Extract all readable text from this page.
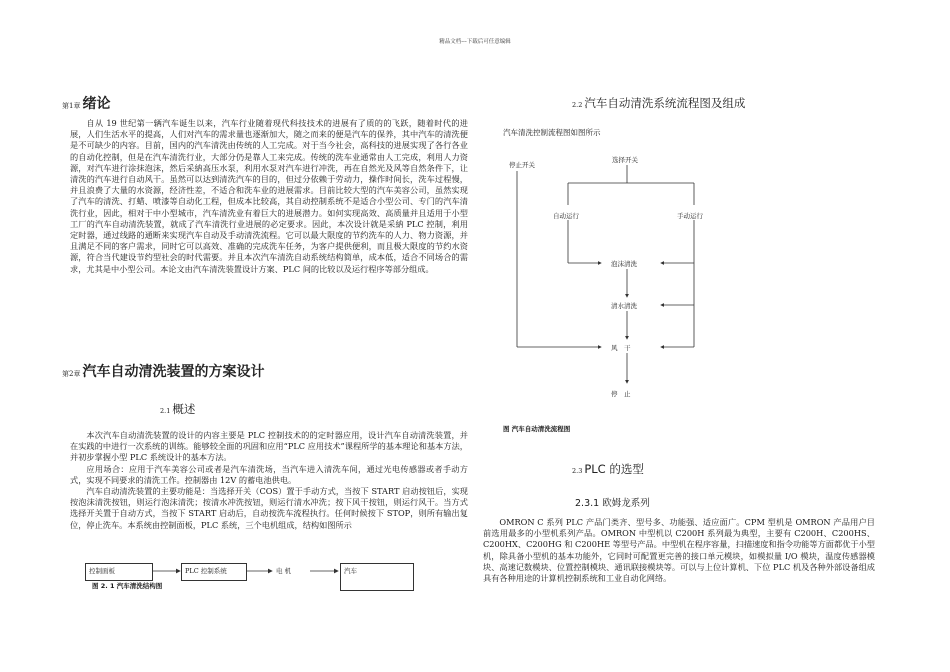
精品文档---下载后可任意编辑
第1章 绪论

自从 19 世纪第一辆汽车诞生以来，汽车行业随着现代科技技术的进展有了质的的飞跃，随着时代的进展，人们生活水平的提高，人们对汽车的需求量也逐渐加大，随之而来的便是汽车的保养，其中汽车的清洗便是不可缺少的内容。目前，国内的汽车清洗由传统的人工完成。对于当今社会，高科技的进展实现了各行各业的自动化控制，但是在汽车清洗行业，大部分仍是靠人工来完成。传统的洗车业通常由人工完成，利用人力资源，对汽车进行涂抹泡沫，然后采納高压水泵，利用水泵对汽车进行冲洗，再在自然光及风等自然条件下，让清洗的汽车进行自动风干。虽然可以达到清洗汽车的目的，但过分依赖于劳动力，操作时间长，洗车过程慢，并且浪费了大量的水资源，经济性差，不适合和洗车业的进展需求。目前比较大型的汽车美容公司，虽然实现了汽车的清洗、打蜡、喷漆等自动化工程，但成本比较高，其自动控制系统不是适合小型公司、专门的汽车清洗行业，因此，相对于中小型城市，汽车清洗业有着巨大的进展潜力。如何实现高效、高质量并且适用于小型工厂的汽车自动清洗装置，就成了汽车清洗行业进展的必定要求。因此，本次设计就是采納 PLC 控制，利用定时器，通过线路的通断来实现汽车自动及手动清洗流程。它可以最大限度的节约洗车的人力、物力资源，并且满足不同的客户需求，同时它可以高效、准确的完成洗车任务，为客户提供便利，而且极大限度的节约水资源，符合当代建设节约型社会的时代需要。并且本次汽车清洗自动系统结构简单，成本低，适合不同场合的需求，尤其是中小型公司。本论文由汽车清洗装置设计方案、PLC 间的比较以及运行程序等部分组成。

第2章 汽车自动清洗装置的方案设计
2.1 概述

本次汽车自动清洗装置的设计的内容主要是 PLC 控制技术的的定时器应用，设计汽车自动清洗装置，并在实践的中进行一次系统的训练。能够较全面的巩固和应用“PLC 应用技术”课程所学的基本理论和基本方法，并初步掌握小型 PLC 系统设计的基本方法。

应用场合：应用于汽车美容公司或者是汽车清洗场，当汽车进入清洗车间，通过光电传感器或者手动方式，实现不同要求的清洗工作。控制器由 12V 的蓄电池供电。

汽车自动清洗装置的主要功能是：当选择开关（COS）置于手动方式，当按下 START 启动按钮后，实现按泡沫清洗按钮，则运行泡沫清洗；按清水冲洗按钮，则运行清水冲洗；按下风干按钮，则运行风干。当方式选择开关置于自动方式，当按下 START 启动后，自动按洗车流程执行。任何时候按下 STOP，则所有输出复位，停止洗车。本系统由控制面板，PLC 系统，三个电机组成，结构如图所示

控制面板	PLC 控制系统	电 机	汽车
图 2. 1 汽车清洗结构图
2.2 汽车自动清洗系统流程图及组成
汽车清洗控制流程图如图所示
停止开关
选择开关
自动运行	手动运行
泡沫清洗
清水清洗
风　干
停　止
图 汽车自动清洗流程图
2.3 PLC 的选型
2.3.1 欧姆龙系列

OMRON C 系列 PLC 产品门类齐、型号多、功能强、适应面广。CPM 型机是 OMRON 产品用户目前选用最多的小型机系列产品。OMRON 中型机以 C200H 系列最为典型，主要有 C200H、C200HS、C200HX、C200HG 和 C200HE 等型号产品。中型机在程序容量，扫描速度和指令功能等方面都优于小型机，除具备小型机的基本功能外，它同时可配置更完善的接口单元模块，如模拟量 I/O 模块，温度传感器模块、高速记数模块、位置控制模块、通讯联接模块等。可以与上位计算机、下位 PLC 机及各种外部设备组成具有各种用途的计算机控制系统和工业自动化网络。
